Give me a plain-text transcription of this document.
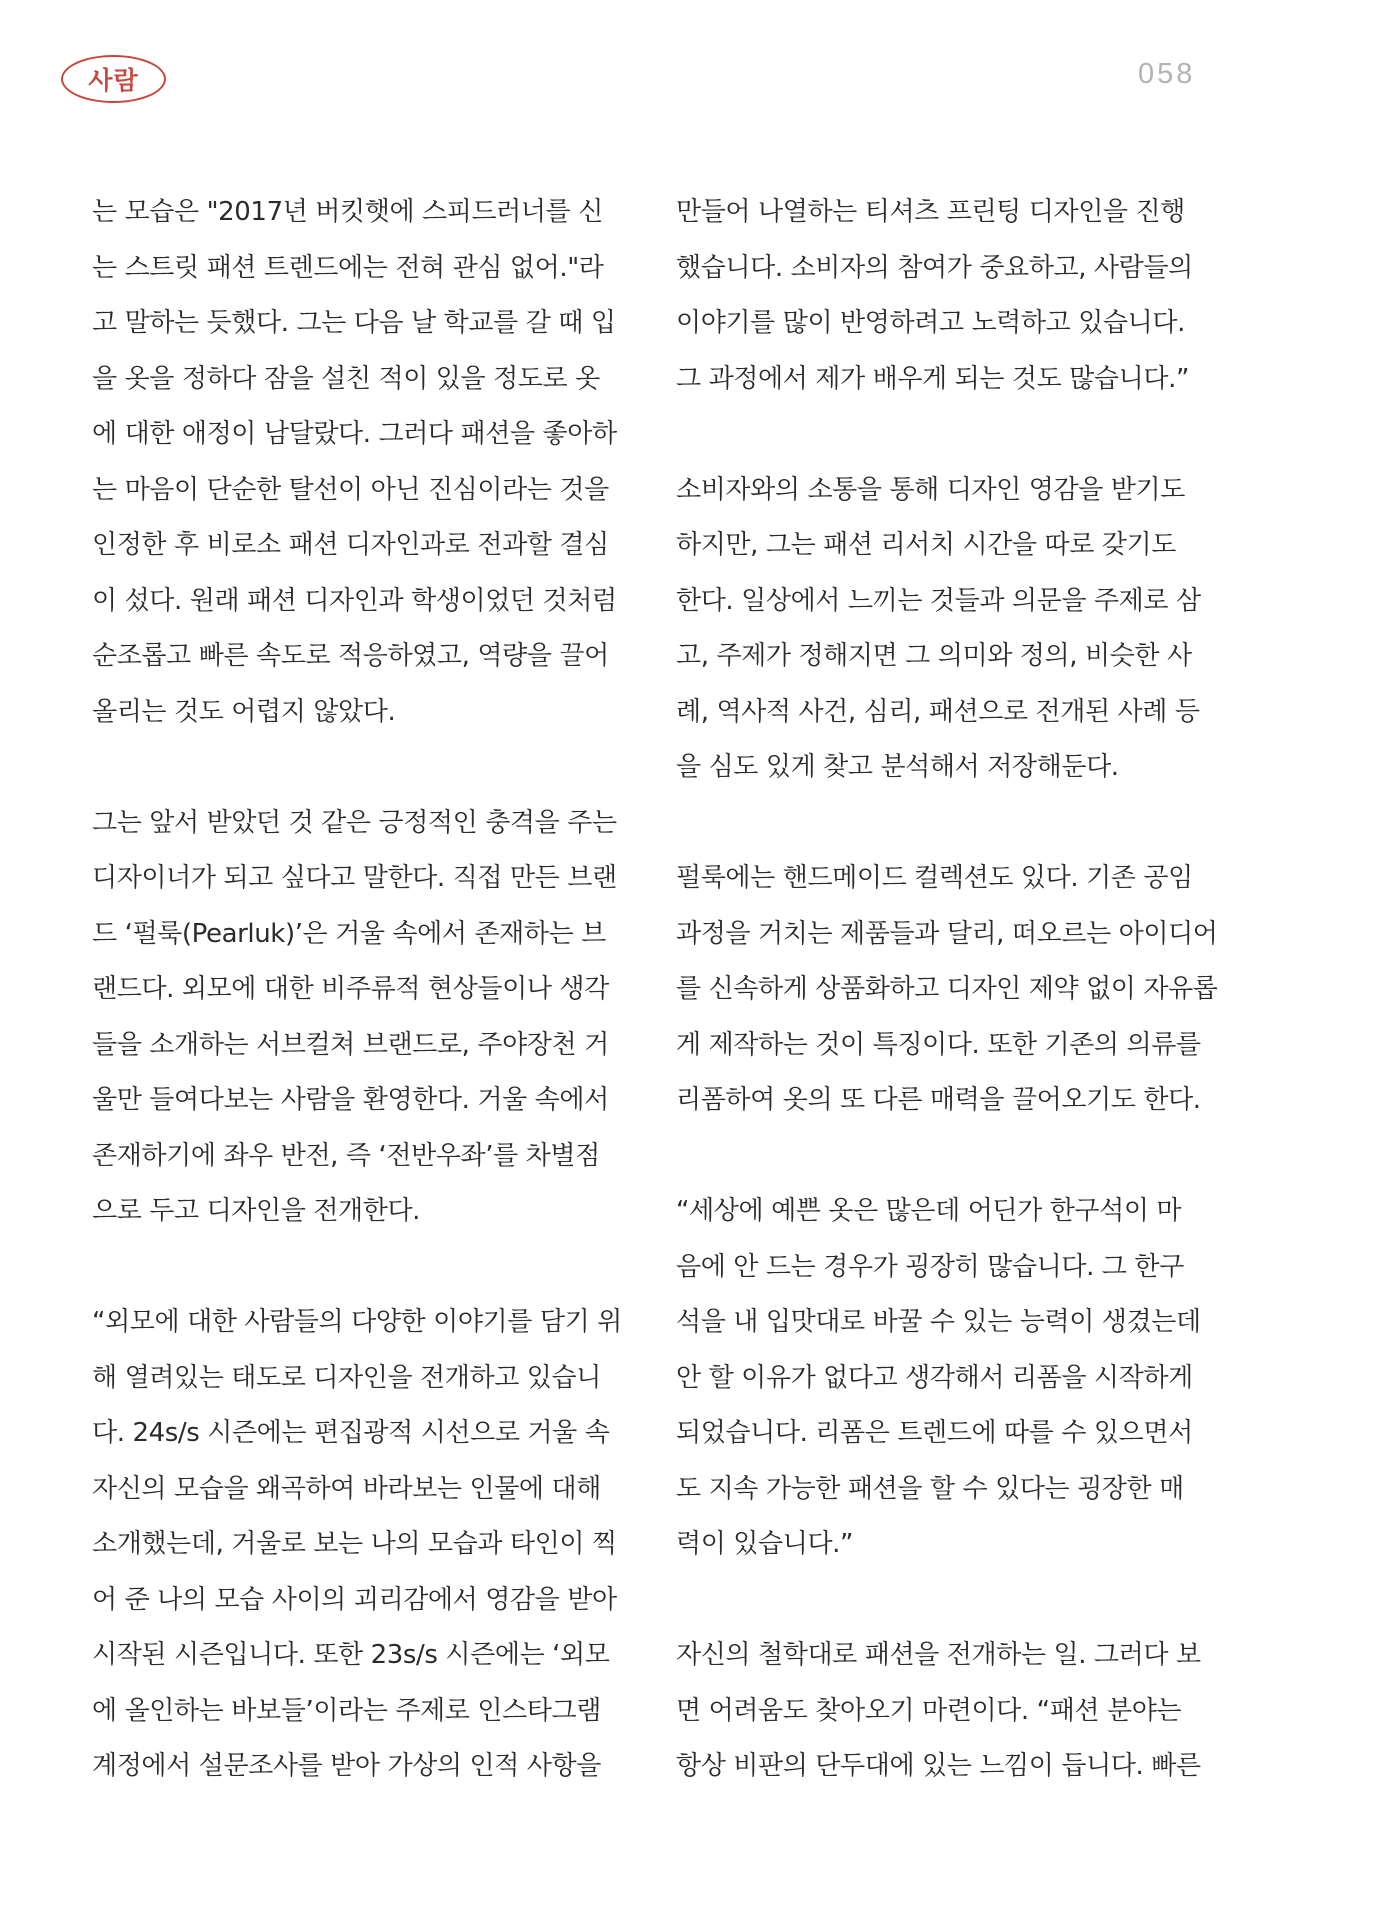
사람	058

는 모습은 "2017년 버킷햇에 스피드러너를 신
는 스트릿 패션 트렌드에는 전혀 관심 없어."라
고 말하는 듯했다. 그는 다음 날 학교를 갈 때 입
을 옷을 정하다 잠을 설친 적이 있을 정도로 옷
에 대한 애정이 남달랐다. 그러다 패션을 좋아하
는 마음이 단순한 탈선이 아닌 진심이라는 것을
인정한 후 비로소 패션 디자인과로 전과할 결심
이 섰다. 원래 패션 디자인과 학생이었던 것처럼
순조롭고 빠른 속도로 적응하였고, 역량을 끌어
올리는 것도 어렵지 않았다.

그는 앞서 받았던 것 같은 긍정적인 충격을 주는
디자이너가 되고 싶다고 말한다. 직접 만든 브랜
드 ‘펄룩(Pearluk)’은 거울 속에서 존재하는 브
랜드다. 외모에 대한 비주류적 현상들이나 생각
들을 소개하는 서브컬쳐 브랜드로, 주야장천 거
울만 들여다보는 사람을 환영한다. 거울 속에서
존재하기에 좌우 반전, 즉 ‘전반우좌’를 차별점
으로 두고 디자인을 전개한다.

“외모에 대한 사람들의 다양한 이야기를 담기 위
해 열려있는 태도로 디자인을 전개하고 있습니
다. 24s/s 시즌에는 편집광적 시선으로 거울 속
자신의 모습을 왜곡하여 바라보는 인물에 대해
소개했는데, 거울로 보는 나의 모습과 타인이 찍
어 준 나의 모습 사이의 괴리감에서 영감을 받아
시작된 시즌입니다. 또한 23s/s 시즌에는 ‘외모
에 올인하는 바보들’이라는 주제로 인스타그램
계정에서 설문조사를 받아 가상의 인적 사항을

만들어 나열하는 티셔츠 프린팅 디자인을 진행
했습니다. 소비자의 참여가 중요하고, 사람들의
이야기를 많이 반영하려고 노력하고 있습니다.
그 과정에서 제가 배우게 되는 것도 많습니다.”

소비자와의 소통을 통해 디자인 영감을 받기도
하지만, 그는 패션 리서치 시간을 따로 갖기도
한다. 일상에서 느끼는 것들과 의문을 주제로 삼
고, 주제가 정해지면 그 의미와 정의, 비슷한 사
례, 역사적 사건, 심리, 패션으로 전개된 사례 등
을 심도 있게 찾고 분석해서 저장해둔다.

펄룩에는 핸드메이드 컬렉션도 있다. 기존 공임
과정을 거치는 제품들과 달리, 떠오르는 아이디어
를 신속하게 상품화하고 디자인 제약 없이 자유롭
게 제작하는 것이 특징이다. 또한 기존의 의류를
리폼하여 옷의 또 다른 매력을 끌어오기도 한다.

“세상에 예쁜 옷은 많은데 어딘가 한구석이 마
음에 안 드는 경우가 굉장히 많습니다. 그 한구
석을 내 입맛대로 바꿀 수 있는 능력이 생겼는데
안 할 이유가 없다고 생각해서 리폼을 시작하게
되었습니다. 리폼은 트렌드에 따를 수 있으면서
도 지속 가능한 패션을 할 수 있다는 굉장한 매
력이 있습니다.”

자신의 철학대로 패션을 전개하는 일. 그러다 보
면 어려움도 찾아오기 마련이다. “패션 분야는
항상 비판의 단두대에 있는 느낌이 듭니다. 빠른
